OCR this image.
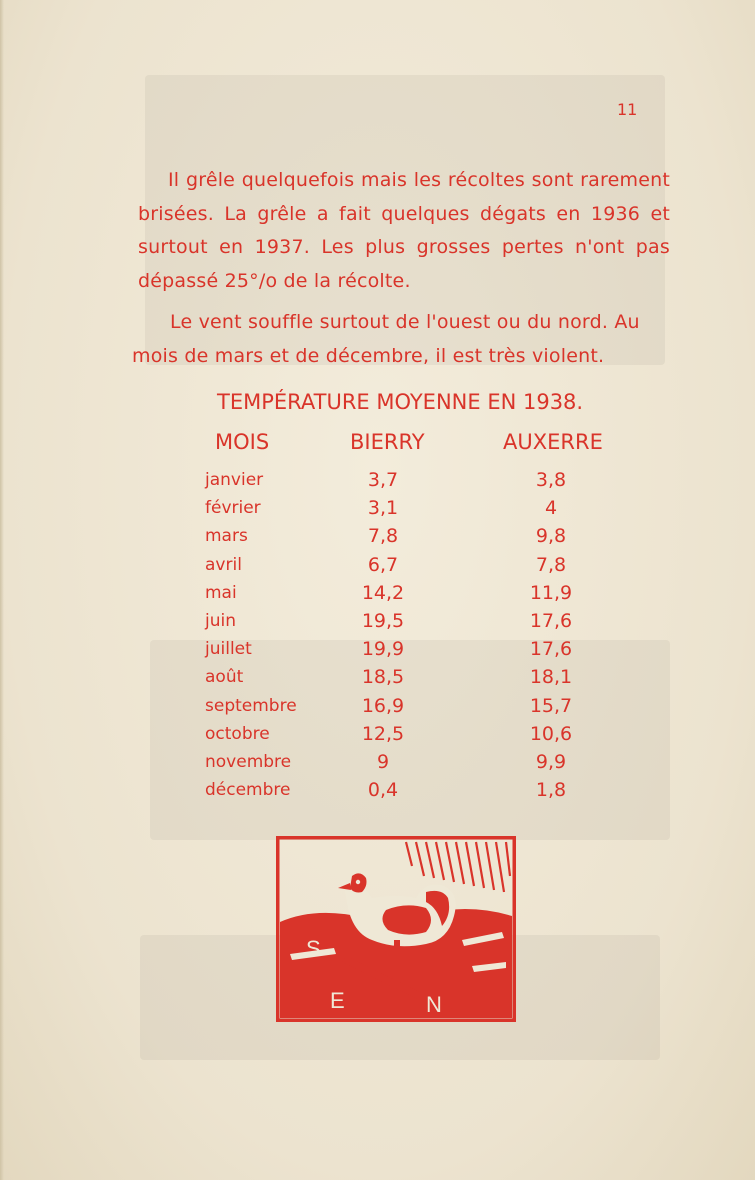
11

Il grêle quelquefois mais les récoltes sont rarement brisées. La grêle a fait quelques dégats en 1936 et surtout en 1937. Les plus grosses pertes n'ont pas dépassé 25°/o de la récolte.

Le vent souffle surtout de l'ouest ou du nord. Au mois de mars et de décembre, il est très violent.

TEMPÉRATURE MOYENNE EN 1938.
MOIS	BIERRY	AUXERRE
janvier	3,7	3,8
février	3,1	4
mars	7,8	9,8
avril	6,7	7,8
mai	14,2	11,9
juin	19,5	17,6
juillet	19,9	17,6
août	18,5	18,1
septembre	16,9	15,7
octobre	12,5	10,6
novembre	9	9,9
décembre	0,4	1,8
S
E	N
